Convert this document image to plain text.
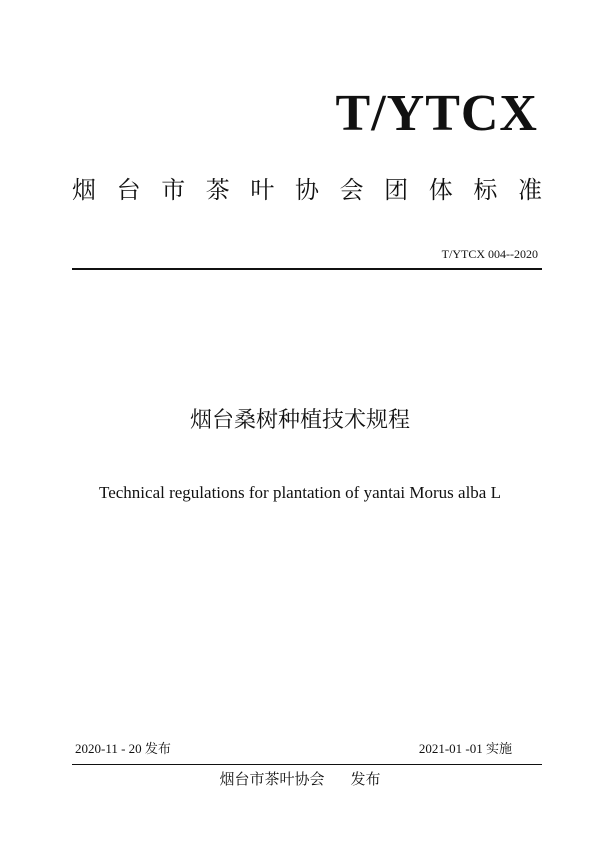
T/YTCX
烟 台 市 茶 叶 协 会 团 体 标 准
T/YTCX 004--2020
烟台桑树种植技术规程
Technical regulations for plantation of yantai Morus alba L
2020-11 - 20 发布	2021-01 -01 实施
烟台市茶叶协会 发布
